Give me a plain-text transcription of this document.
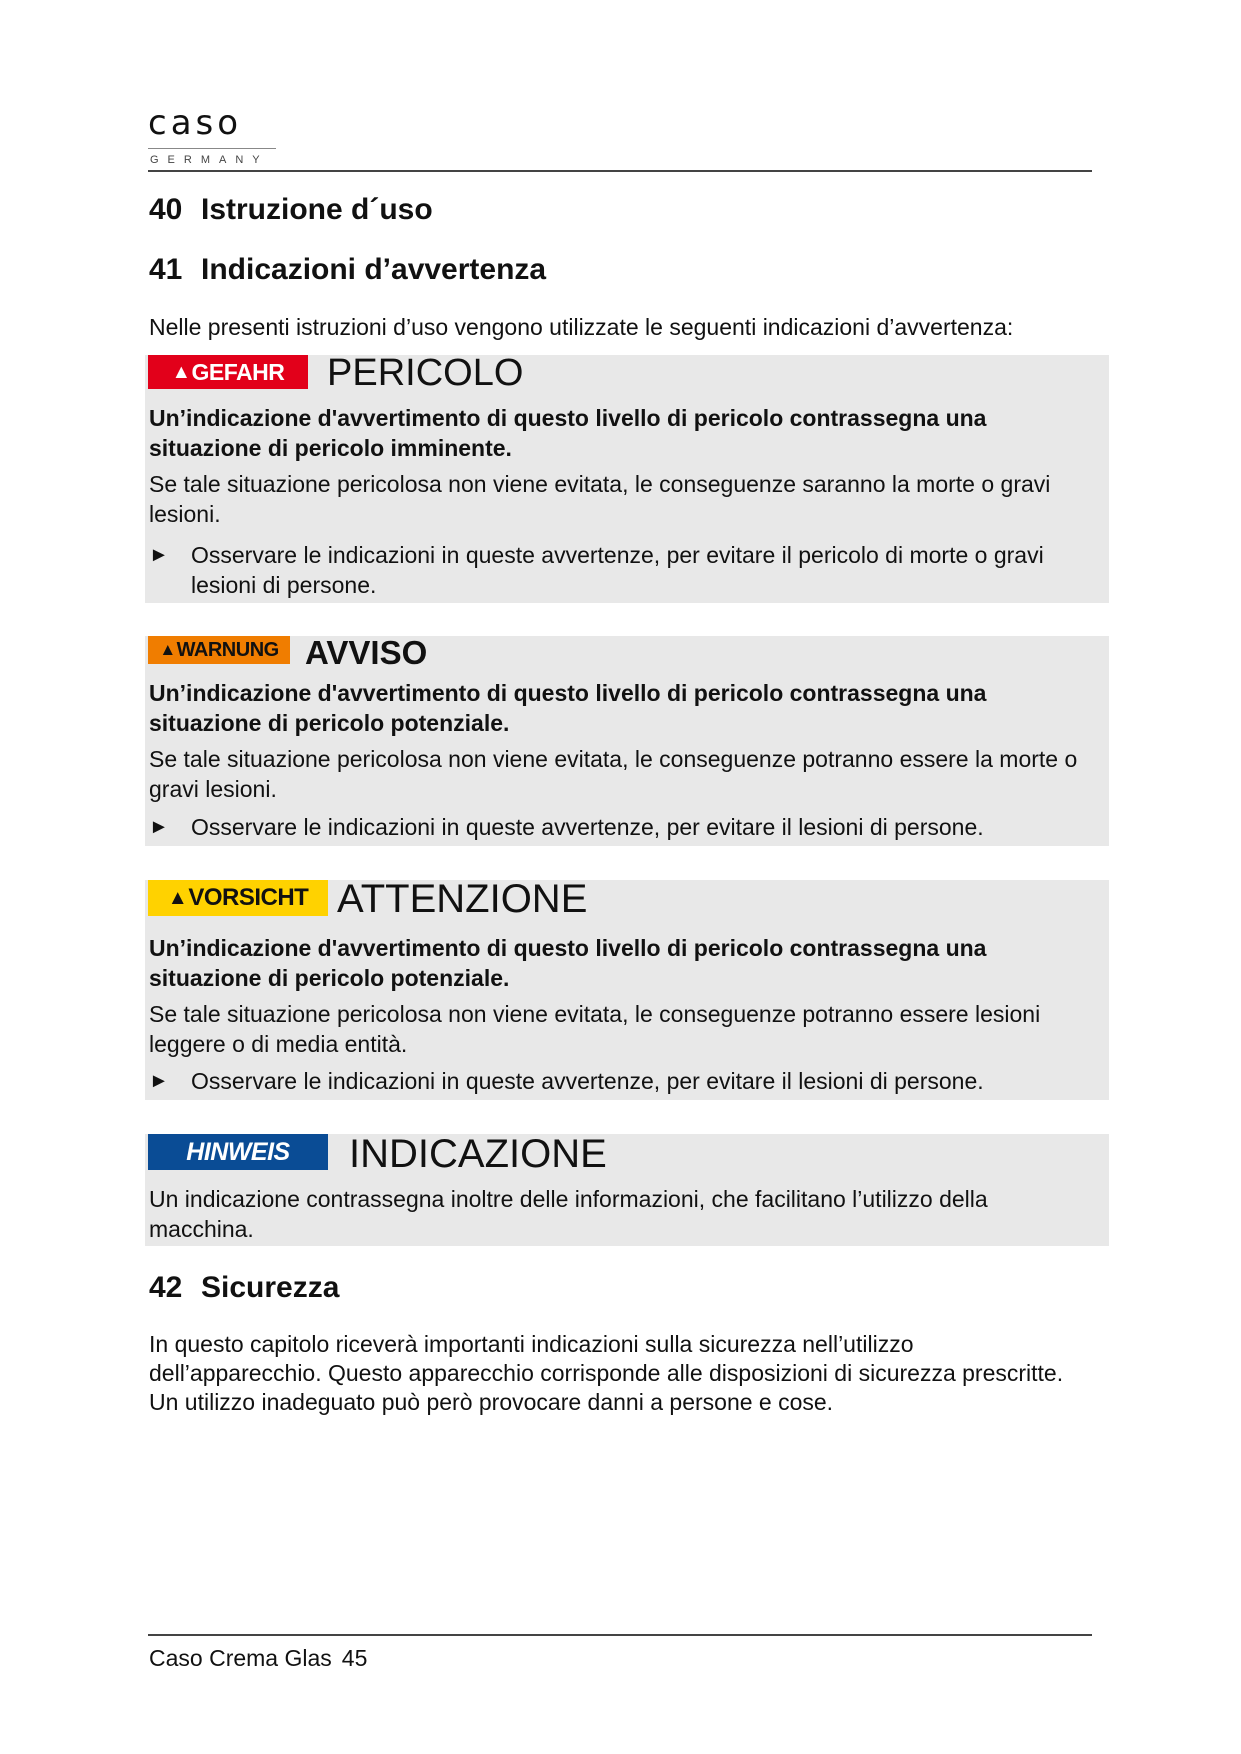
caso
GERMANY
40 Istruzione d´uso
41 Indicazioni d’avvertenza
Nelle presenti istruzioni d’uso vengono utilizzate le seguenti indicazioni d’avvertenza:
▲ GEFAHR PERICOLO
Un’indicazione d'avvertimento di questo livello di pericolo contrassegna una
situazione di pericolo imminente.
Se tale situazione pericolosa non viene evitata, le conseguenze saranno la morte o gravi
lesioni.
► Osservare le indicazioni in queste avvertenze, per evitare il pericolo di morte o gravi
lesioni di persone.
▲ WARNUNG AVVISO
Un’indicazione d'avvertimento di questo livello di pericolo contrassegna una
situazione di pericolo potenziale.
Se tale situazione pericolosa non viene evitata, le conseguenze potranno essere la morte o
gravi lesioni.
► Osservare le indicazioni in queste avvertenze, per evitare il lesioni di persone.
▲ VORSICHT ATTENZIONE
Un’indicazione d'avvertimento di questo livello di pericolo contrassegna una
situazione di pericolo potenziale.
Se tale situazione pericolosa non viene evitata, le conseguenze potranno essere lesioni
leggere o di media entità.
► Osservare le indicazioni in queste avvertenze, per evitare il lesioni di persone.
HINWEIS INDICAZIONE
Un indicazione contrassegna inoltre delle informazioni, che facilitano l’utilizzo della
macchina.
42 Sicurezza
In questo capitolo riceverà importanti indicazioni sulla sicurezza nell’utilizzo
dell’apparecchio. Questo apparecchio corrisponde alle disposizioni di sicurezza prescritte.
Un utilizzo inadeguato può però provocare danni a persone e cose.
Caso Crema Glas 45
